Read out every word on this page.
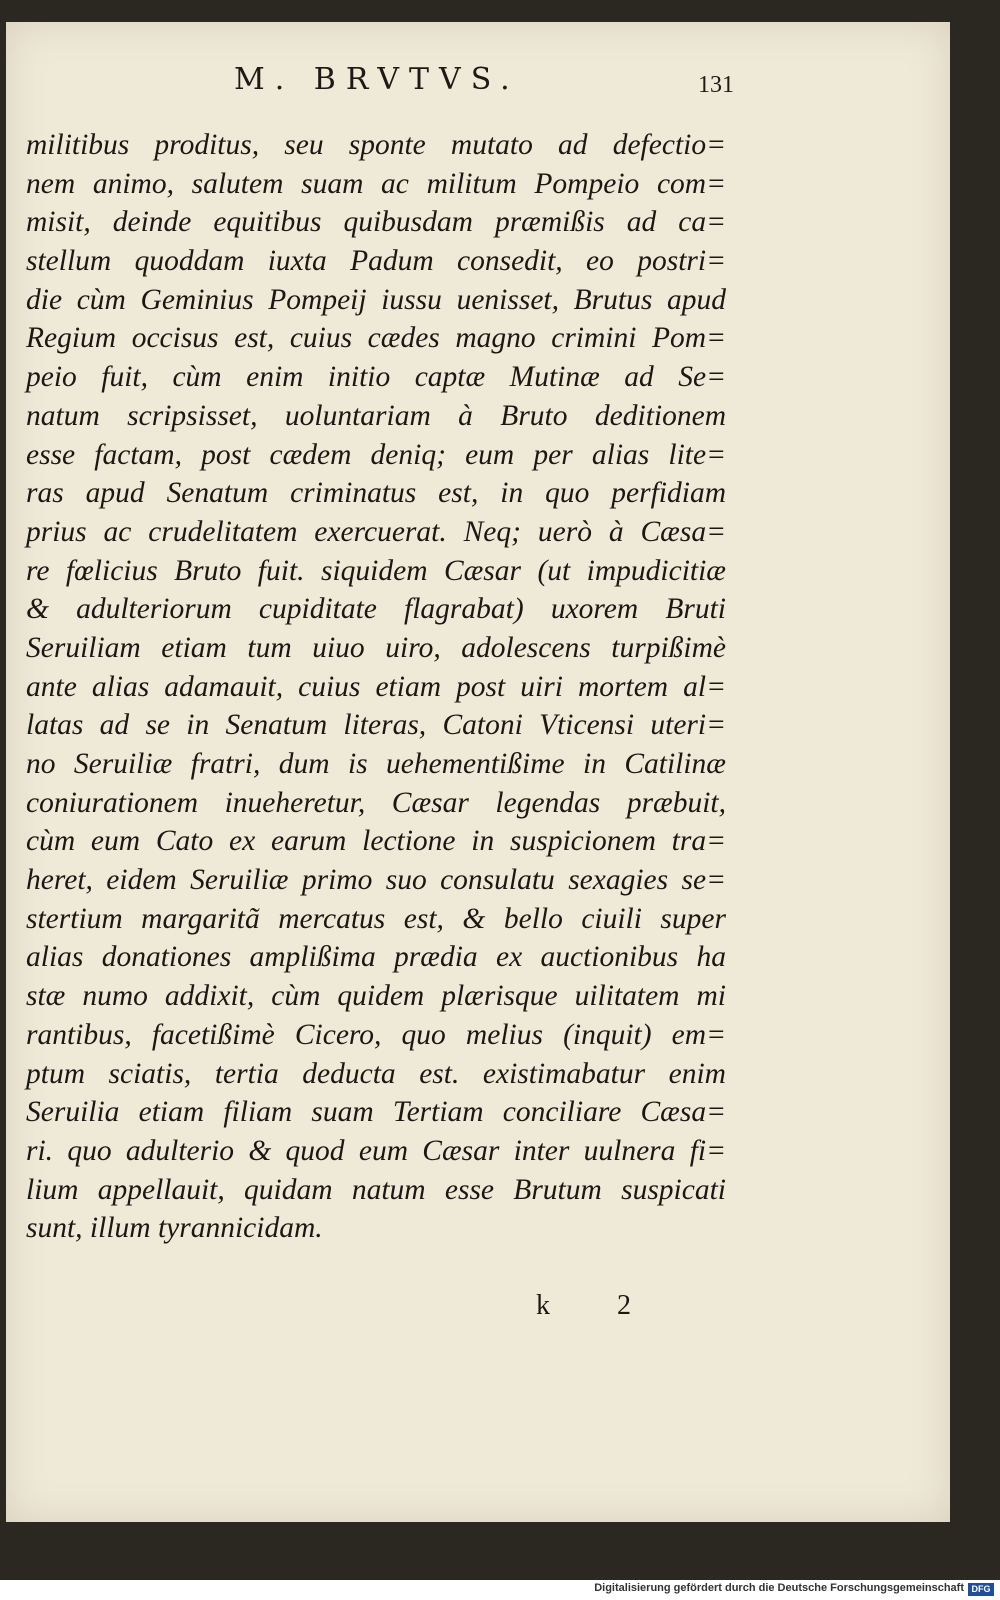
M. BRVTVS.	131
militibus proditus, seu sponte mutato ad defectio=
nem animo, salutem suam ac militum Pompeio com=
misit, deinde equitibus quibusdam præmißis ad ca=
stellum quoddam iuxta Padum consedit, eo postri=
die cùm Geminius Pompeij iussu uenisset, Brutus apud
Regium occisus est, cuius cædes magno crimini Pom=
peio fuit, cùm enim initio captæ Mutinæ ad Se=
natum scripsisset, uoluntariam à Bruto deditionem
esse factam, post cædem deniq; eum per alias lite=
ras apud Senatum criminatus est, in quo perfidiam
prius ac crudelitatem exercuerat. Neq; uerò à Cæsa=
re fœlicius Bruto fuit. siquidem Cæsar (ut impudicitiæ
& adulteriorum cupiditate flagrabat) uxorem Bruti
Seruiliam etiam tum uiuo uiro, adolescens turpißimè
ante alias adamauit, cuius etiam post uiri mortem al=
latas ad se in Senatum literas, Catoni Vticensi uteri=
no Seruiliæ fratri, dum is uehementißime in Catilinæ
coniurationem inueheretur, Cæsar legendas præbuit,
cùm eum Cato ex earum lectione in suspicionem tra=
heret, eidem Seruiliæ primo suo consulatu sexagies se=
stertium margaritã mercatus est, & bello ciuili super
alias donationes amplißima prædia ex auctionibus ha
stæ numo addixit, cùm quidem plærisque uilitatem mi
rantibus, facetißimè Cicero, quo melius (inquit) em=
ptum sciatis, tertia deducta est. existimabatur enim
Seruilia etiam filiam suam Tertiam conciliare Cæsa=
ri. quo adulterio & quod eum Cæsar inter uulnera fi=
lium appellauit, quidam natum esse Brutum suspicati
sunt, illum tyrannicidam.
k 2
Digitalisierung gefördert durch die Deutsche Forschungsgemeinschaft DFG
